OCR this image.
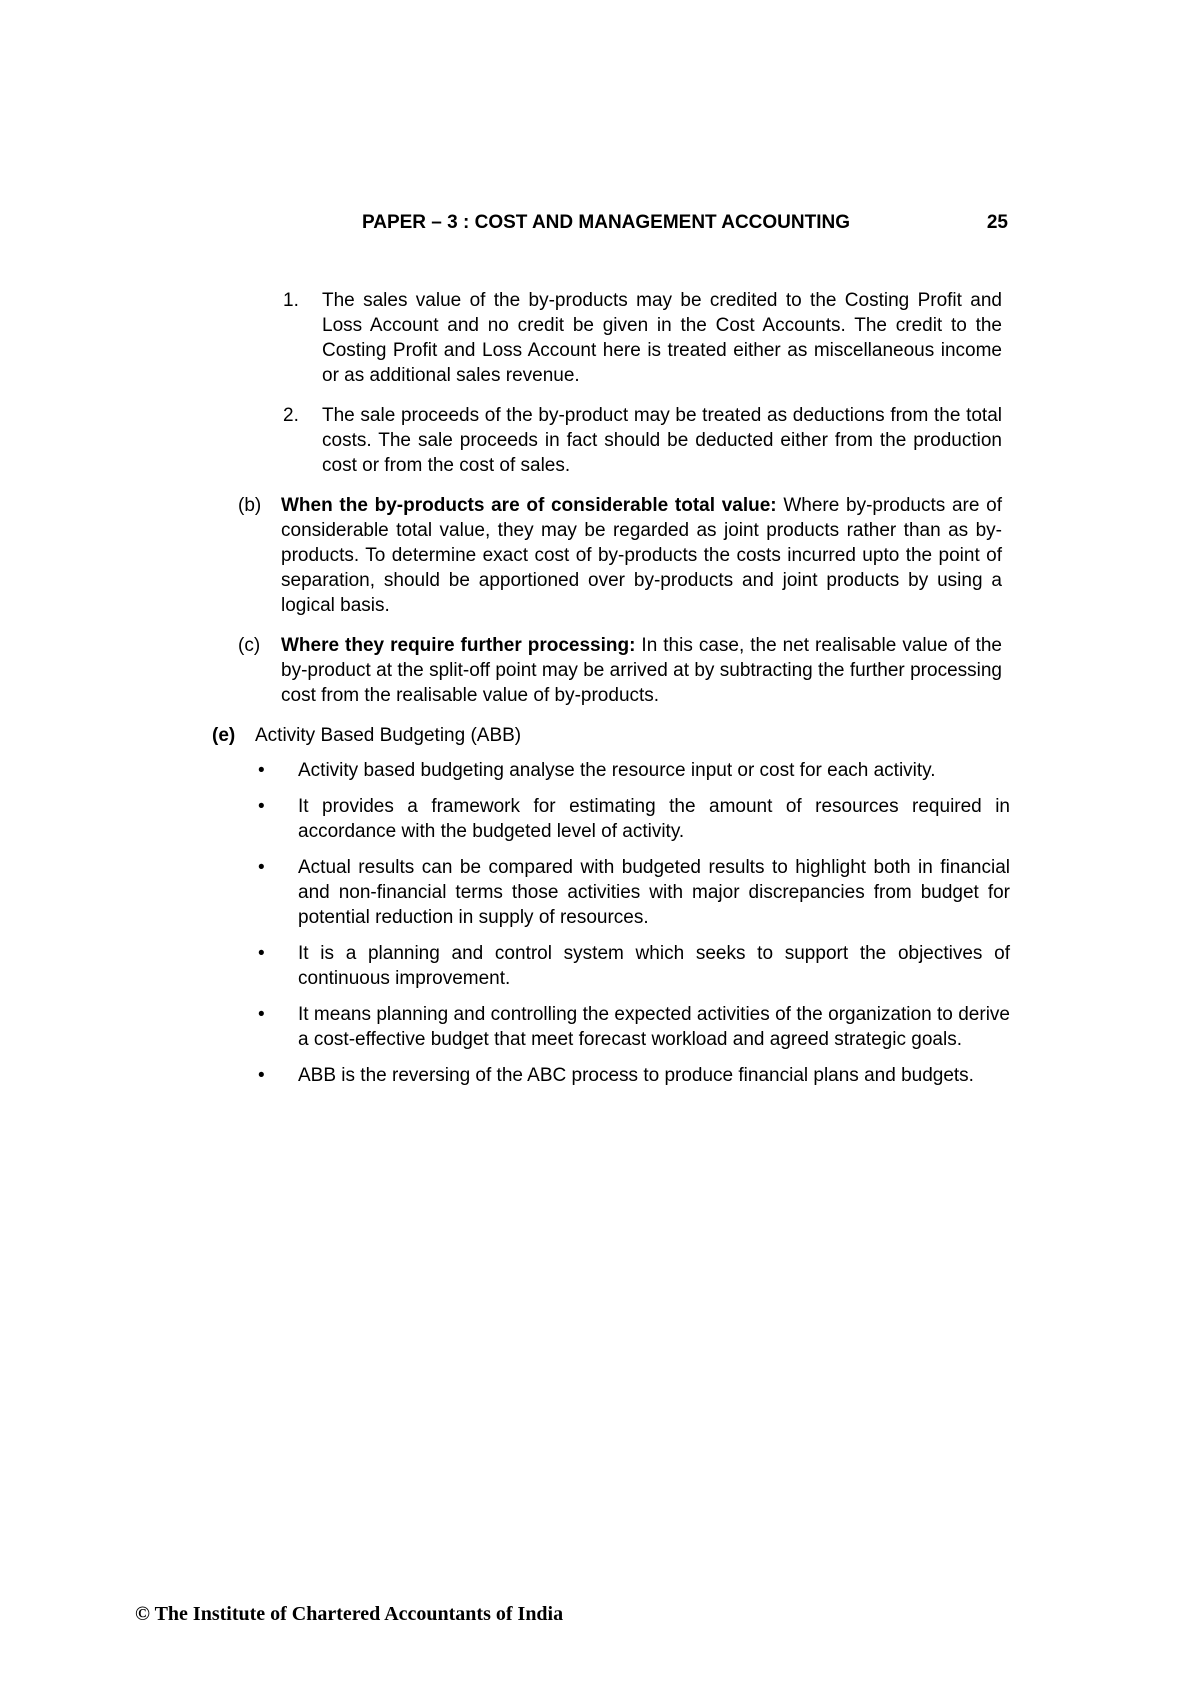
PAPER – 3 : COST AND MANAGEMENT ACCOUNTING	25
1.	The sales value of the by-products may be credited to the Costing Profit and Loss Account and no credit be given in the Cost Accounts. The credit to the Costing Profit and Loss Account here is treated either as miscellaneous income or as additional sales revenue.
2.	The sale proceeds of the by-product may be treated as deductions from the total costs. The sale proceeds in fact should be deducted either from the production cost or from the cost of sales.
(b)	When the by-products are of considerable total value: Where by-products are of considerable total value, they may be regarded as joint products rather than as by-products. To determine exact cost of by-products the costs incurred upto the point of separation, should be apportioned over by-products and joint products by using a logical basis.
(c)	Where they require further processing: In this case, the net realisable value of the by-product at the split-off point may be arrived at by subtracting the further processing cost from the realisable value of by-products.
(e)	Activity Based Budgeting (ABB)
•	Activity based budgeting analyse the resource input or cost for each activity.
•	It provides a framework for estimating the amount of resources required in accordance with the budgeted level of activity.
•	Actual results can be compared with budgeted results to highlight both in financial and non-financial terms those activities with major discrepancies from budget for potential reduction in supply of resources.
•	It is a planning and control system which seeks to support the objectives of continuous improvement.
•	It means planning and controlling the expected activities of the organization to derive a cost-effective budget that meet forecast workload and agreed strategic goals.
•	ABB is the reversing of the ABC process to produce financial plans and budgets.
© The Institute of Chartered Accountants of India
